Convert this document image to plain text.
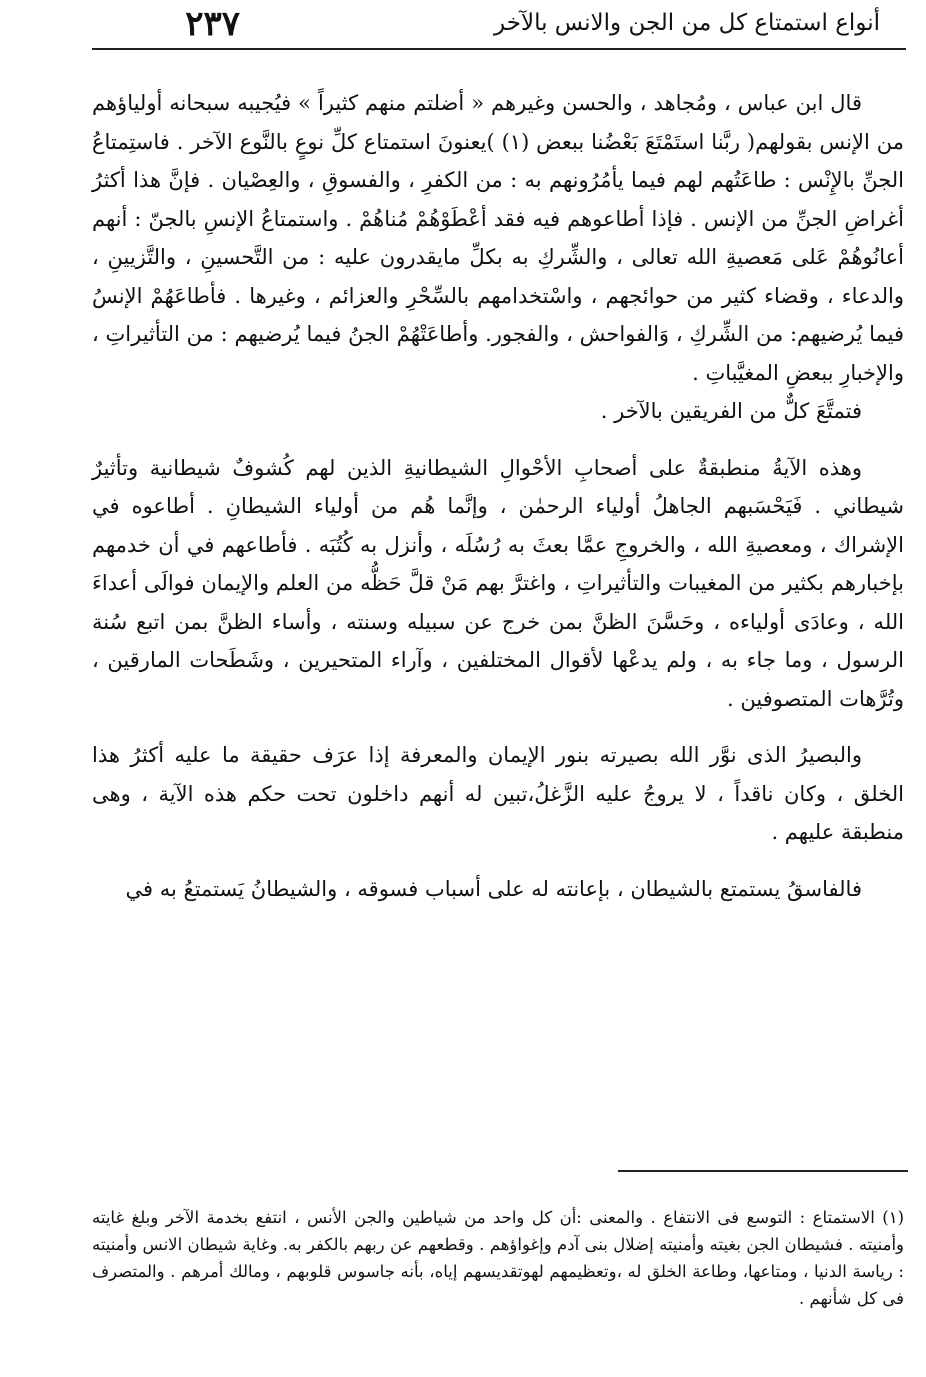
٢٣٧	أنواع استمتاع كل من الجن والانس بالآخر

قال ابن عباس ، ومُجاهد ، والحسن وغيرهم « أضلتم منهم كثيراً » فيُجيبه سبحانه أولياؤهم من الإنس بقولهم( ربَّنا استَمْتَعَ بَعْضُنا ببعض (١) )يعنونَ استمتاع كلِّ نوعٍ بالنَّوع الآخر . فاستِمتاعُ الجنِّ بالإِنْس : طاعَتُهم لهم فيما يأمُرُونهم به : من الكفرِ ، والفسوقِ ، والعِصْيان . فإنَّ هذا أكثرُ أغراضِ الجنِّ من الإنس . فإذا أطاعوهم فيه فقد أعْطَوْهُمْ مُناهُمْ . واستمتاعُ الإنسِ بالجنّ : أنهم أعانُوهُمْ عَلى مَعصيةِ الله تعالى ، والشِّركِ به بكلِّ مايقدرون عليه : من التَّحسينِ ، والتَّزيينِ ، والدعاء ، وقضاء كثير من حوائجهم ، واسْتخدامهم بالسِّحْرِ والعزائم ، وغيرها . فأطاعَهُمْ الإنسُ فيما يُرضيهم: من الشِّركِ ، وَالفواحش ، والفجور. وأطاعَتْهُمْ الجنُ فيما يُرضيهم : من التأثيراتِ ، والإخبارِ ببعضِ المغيَّباتِ .

فتمتَّعَ كلٌّ من الفريقين بالآخر .

وهذه الآيةُ منطبقةٌ على أصحابِ الأحْوالِ الشيطانيةِ الذين لهم كُشوفٌ شيطانية وتأثيرٌ شيطاني . فَيَحْسَبهم الجاهلُ أولياء الرحمٰن ، وإنَّما هُم من أولياء الشيطانِ . أطاعوه في الإشراك ، ومعصيةِ الله ، والخروجِ عمَّا بعثَ به رُسُلَه ، وأنزل به كُتُبَه . فأطاعهم في أن خدمهم بإخبارهم بكثير من المغيبات والتأثيراتِ ، واغترَّ بهم مَنْ قلَّ حَظُّه من العلم والإيمان فوالَى أعداءَ الله ، وعادَى أولياءه ، وحَسَّنَ الظنَّ بمن خرج عن سبيله وسنته ، وأساء الظنَّ بمن اتبع سُنة الرسول ، وما جاء به ، ولم يدعْها لأقوال المختلفين ، وآراء المتحيرين ، وشَطَحات المارقين ، وتُرَّهات المتصوفين .

والبصيرُ الذى نوَّر الله بصيرته بنور الإيمان والمعرفة إذا عرَف حقيقة ما عليه أكثرُ هذا الخلق ، وكان ناقداً ، لا يروجُ عليه الزَّغلُ،تبين له أنهم داخلون تحت حكم هذه الآية ، وهى منطبقة عليهم .

فالفاسقُ يستمتع بالشيطان ، بإعانته له على أسباب فسوقه ، والشيطانُ يَستمتعُ به في

(١) الاستمتاع : التوسع فى الانتفاع . والمعنى :أن كل واحد من شياطين والجن الأنس ، انتفع بخدمة الآخر وبلغ غايته وأمنيته . فشيطان الجن بغيته وأمنيته إضلال بنى آدم وإغواؤهم . وقطعهم عن ربهم بالكفر به. وغاية شيطان الانس وأمنيته : رياسة الدنيا ، ومتاعها، وطاعة الخلق له ،وتعظيمهم لهوتقديسهم إياه، بأنه جاسوس قلوبهم ، ومالك أمرهم . والمتصرف فى كل شأنهم .
